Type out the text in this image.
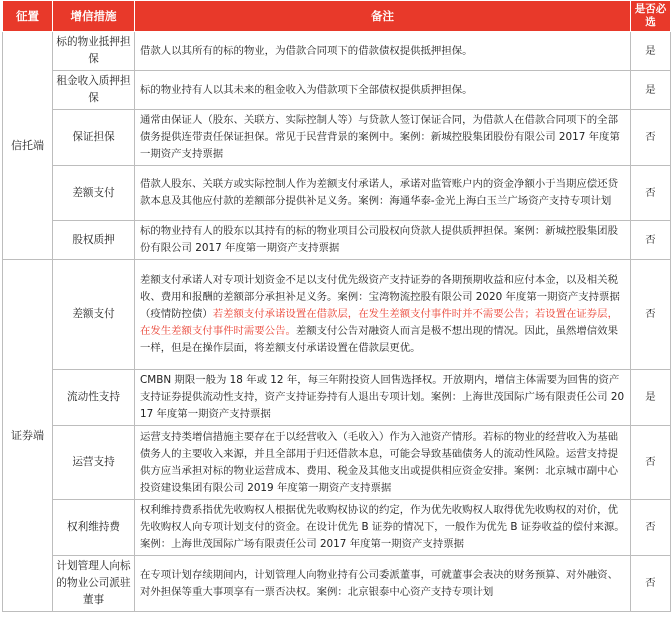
征置	增信措施	备注	是否必选
信托端	标的物业抵押担保	借款人以其所有的标的物业，为借款合同项下的借款债权提供抵押担保。	是
	租金收入质押担保	标的物业持有人以其未来的租金收入为借款项下全部债权提供质押担保。	是
	保证担保	通常由保证人（股东、关联方、实际控制人等）与贷款人签订保证合同，为借款人在借款合同项下的全部债务提供连带责任保证担保。常见于民营背景的案例中。案例：新城控股集团股份有限公司 2017 年度第一期资产支持票据	否
	差额支付	借款人股东、关联方或实际控制人作为差额支付承诺人，承诺对监管账户内的资金净额小于当期应偿还贷款本息及其他应付款的差额部分提供补足义务。案例：海通华泰-金光上海白玉兰广场资产支持专项计划	否
	股权质押	标的物业持有人的股东以其持有的标的物业项目公司股权向贷款人提供质押担保。案例：新城控股集团股份有限公司 2017 年度第一期资产支持票据	否
证券端	差额支付	差额支付承诺人对专项计划资金不足以支付优先级资产支持证券的各期预期收益和应付本金，以及相关税收、费用和报酬的差额部分承担补足义务。案例：宝湾物流控股有限公司 2020 年度第一期资产支持票据（疫情防控债）若差额支付承诺设置在借款层，在发生差额支付事件时并不需要公告；若设置在证券层，在发生差额支付事件时需要公告。差额支付公告对融资人而言是极不想出现的情况。因此，虽然增信效果一样，但是在操作层面，将差额支付承诺设置在借款层更优。	否
	流动性支持	CMBN 期限一般为 18 年或 12 年，每三年附投资人回售选择权。开放期内，增信主体需要为回售的资产支持证券提供流动性支持，资产支持证券持有人退出专项计划。案例：上海世茂国际广场有限责任公司 2017 年度第一期资产支持票据	是
	运营支持	运营支持类增信措施主要存在于以经营收入（毛收入）作为入池资产情形。若标的物业的经营收入为基础债务人的主要收入来源，并且全部用于归还借款本息，可能会导致基础债务人的流动性风险。运营支持提供方应当承担对标的物业运营成本、费用、税金及其他支出或提供相应资金安排。案例：北京城市副中心投资建设集团有限公司 2019 年度第一期资产支持票据	否
	权利维持费	权利维持费系指优先收购权人根据优先收购权协议的约定，作为优先收购权人取得优先收购权的对价，优先收购权人向专项计划支付的资金。在设计优先 B 证券的情况下，一般作为优先 B 证券收益的偿付来源。案例：上海世茂国际广场有限责任公司 2017 年度第一期资产支持票据	否
	计划管理人向标的物业公司派驻董事	在专项计划存续期间内，计划管理人向物业持有公司委派董事，可就董事会表决的财务预算、对外融资、对外担保等重大事项享有一票否决权。案例：北京银泰中心资产支持专项计划	否
